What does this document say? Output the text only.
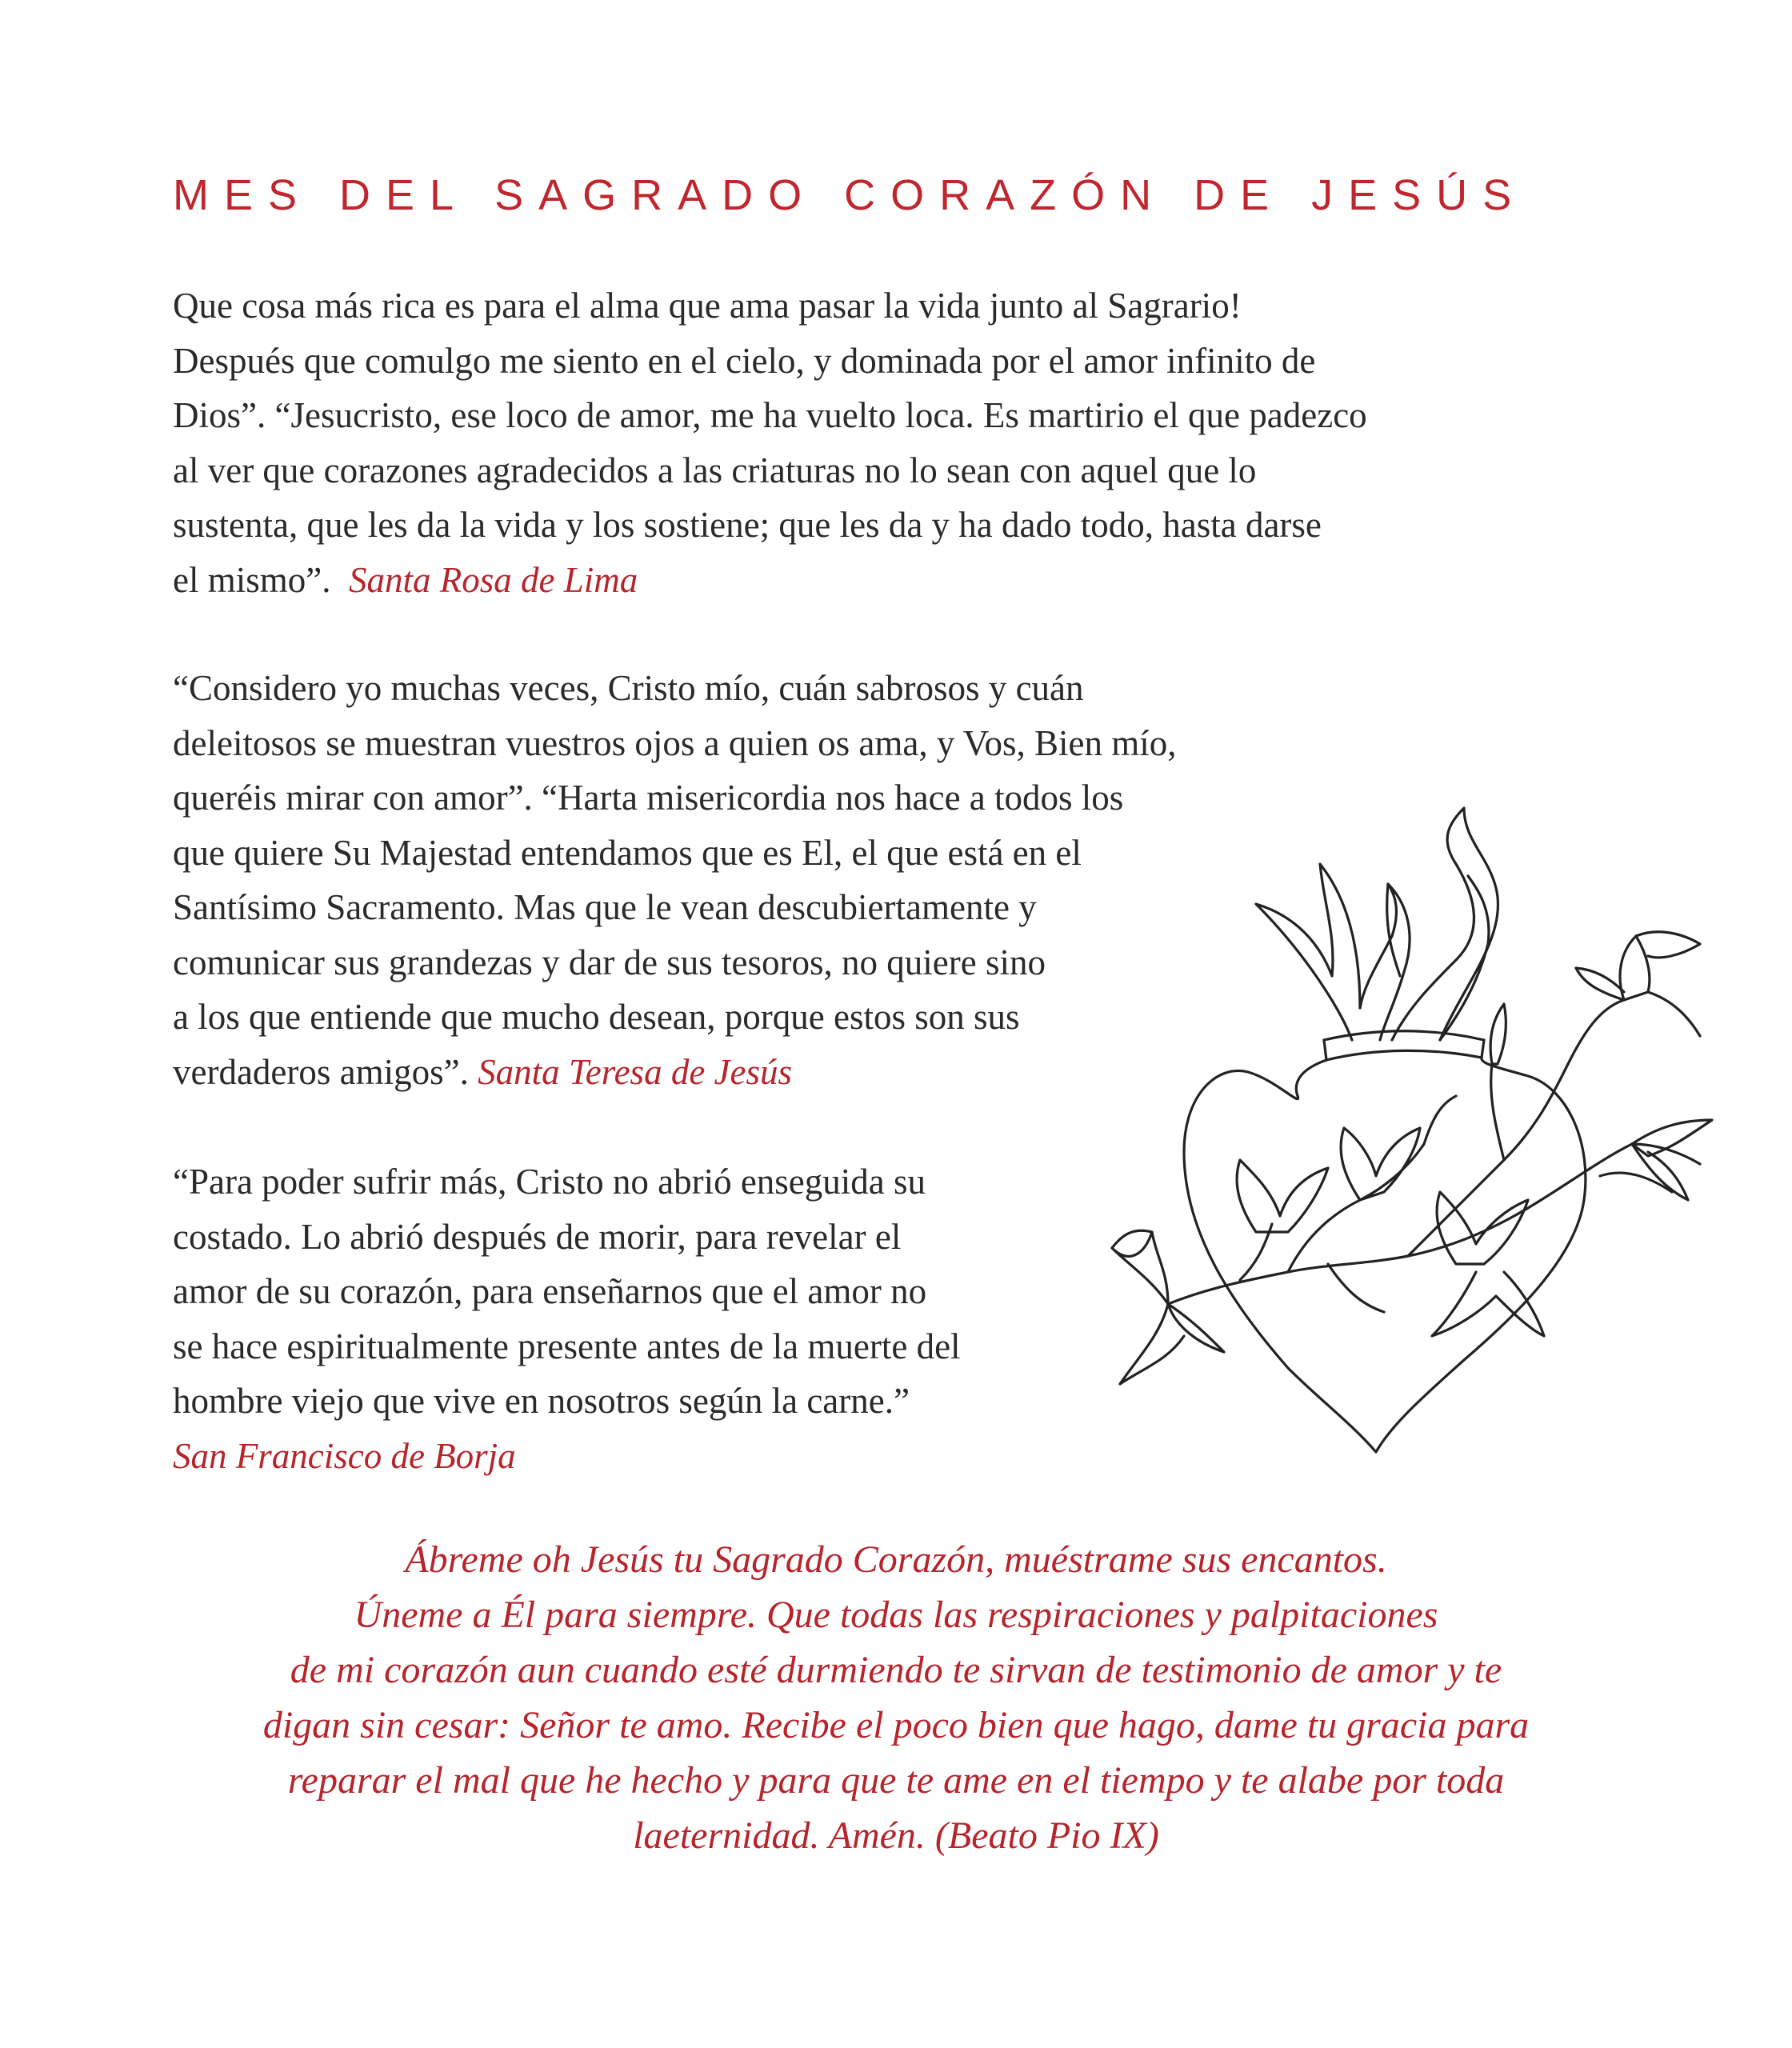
MES DEL SAGRADO CORAZÓN DE JESÚS
Que cosa más rica es para el alma que ama pasar la vida junto al Sagrario!
Después que comulgo me siento en el cielo, y dominada por el amor infinito de
Dios”. “Jesucristo, ese loco de amor, me ha vuelto loca. Es martirio el que padezco
al ver que corazones agradecidos a las criaturas no lo sean con aquel que lo
sustenta, que les da la vida y los sostiene; que les da y ha dado todo, hasta darse
el mismo”. Santa Rosa de Lima
“Considero yo muchas veces, Cristo mío, cuán sabrosos y cuán
deleitosos se muestran vuestros ojos a quien os ama, y Vos, Bien mío,
queréis mirar con amor”. “Harta misericordia nos hace a todos los
que quiere Su Majestad entendamos que es El, el que está en el
Santísimo Sacramento. Mas que le vean descubiertamente y
comunicar sus grandezas y dar de sus tesoros, no quiere sino
a los que entiende que mucho desean, porque estos son sus
verdaderos amigos”. Santa Teresa de Jesús
“Para poder sufrir más, Cristo no abrió enseguida su
costado. Lo abrió después de morir, para revelar el
amor de su corazón, para enseñarnos que el amor no
se hace espiritualmente presente antes de la muerte del
hombre viejo que vive en nosotros según la carne.”
San Francisco de Borja
Ábreme oh Jesús tu Sagrado Corazón, muéstrame sus encantos.
Úneme a Él para siempre. Que todas las respiraciones y palpitaciones
de mi corazón aun cuando esté durmiendo te sirvan de testimonio de amor y te
digan sin cesar: Señor te amo. Recibe el poco bien que hago, dame tu gracia para
reparar el mal que he hecho y para que te ame en el tiempo y te alabe por toda
laeternidad. Amén. (Beato Pio IX)
